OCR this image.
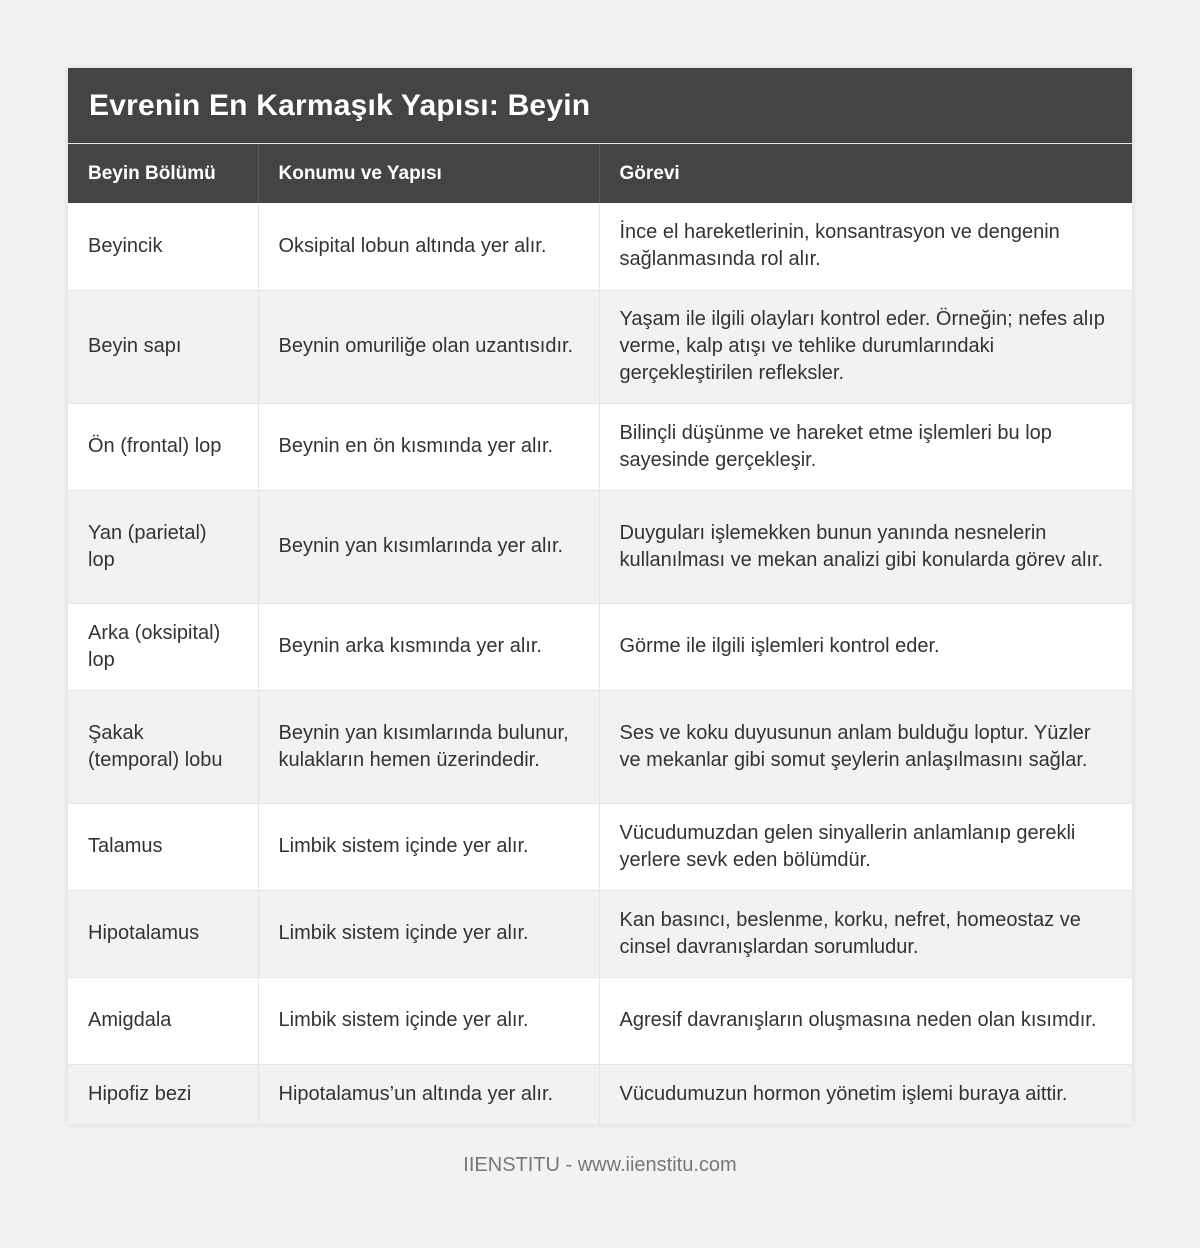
Evrenin En Karmaşık Yapısı: Beyin
Beyin Bölümü	Konumu ve Yapısı	Görevi
Beyincik	Oksipital lobun altında yer alır.	İnce el hareketlerinin, konsantrasyon ve dengenin sağlanmasında rol alır.
Beyin sapı	Beynin omuriliğe olan uzantısıdır.	Yaşam ile ilgili olayları kontrol eder. Örneğin; nefes alıp verme, kalp atışı ve tehlike durumlarındaki gerçekleştirilen refleksler.
Ön (frontal) lop	Beynin en ön kısmında yer alır.	Bilinçli düşünme ve hareket etme işlemleri bu lop sayesinde gerçekleşir.
Yan (parietal) lop	Beynin yan kısımlarında yer alır.	Duyguları işlemekken bunun yanında nesnelerin kullanılması ve mekan analizi gibi konularda görev alır.
Arka (oksipital) lop	Beynin arka kısmında yer alır.	Görme ile ilgili işlemleri kontrol eder.
Şakak (temporal) lobu	Beynin yan kısımlarında bulunur, kulakların hemen üzerindedir.	Ses ve koku duyusunun anlam bulduğu loptur. Yüzler ve mekanlar gibi somut şeylerin anlaşılmasını sağlar.
Talamus	Limbik sistem içinde yer alır.	Vücudumuzdan gelen sinyallerin anlamlanıp gerekli yerlere sevk eden bölümdür.
Hipotalamus	Limbik sistem içinde yer alır.	Kan basıncı, beslenme, korku, nefret, homeostaz ve cinsel davranışlardan sorumludur.
Amigdala	Limbik sistem içinde yer alır.	Agresif davranışların oluşmasına neden olan kısımdır.
Hipofiz bezi	Hipotalamus’un altında yer alır.	Vücudumuzun hormon yönetim işlemi buraya aittir.
IIENSTITU - www.iienstitu.com
